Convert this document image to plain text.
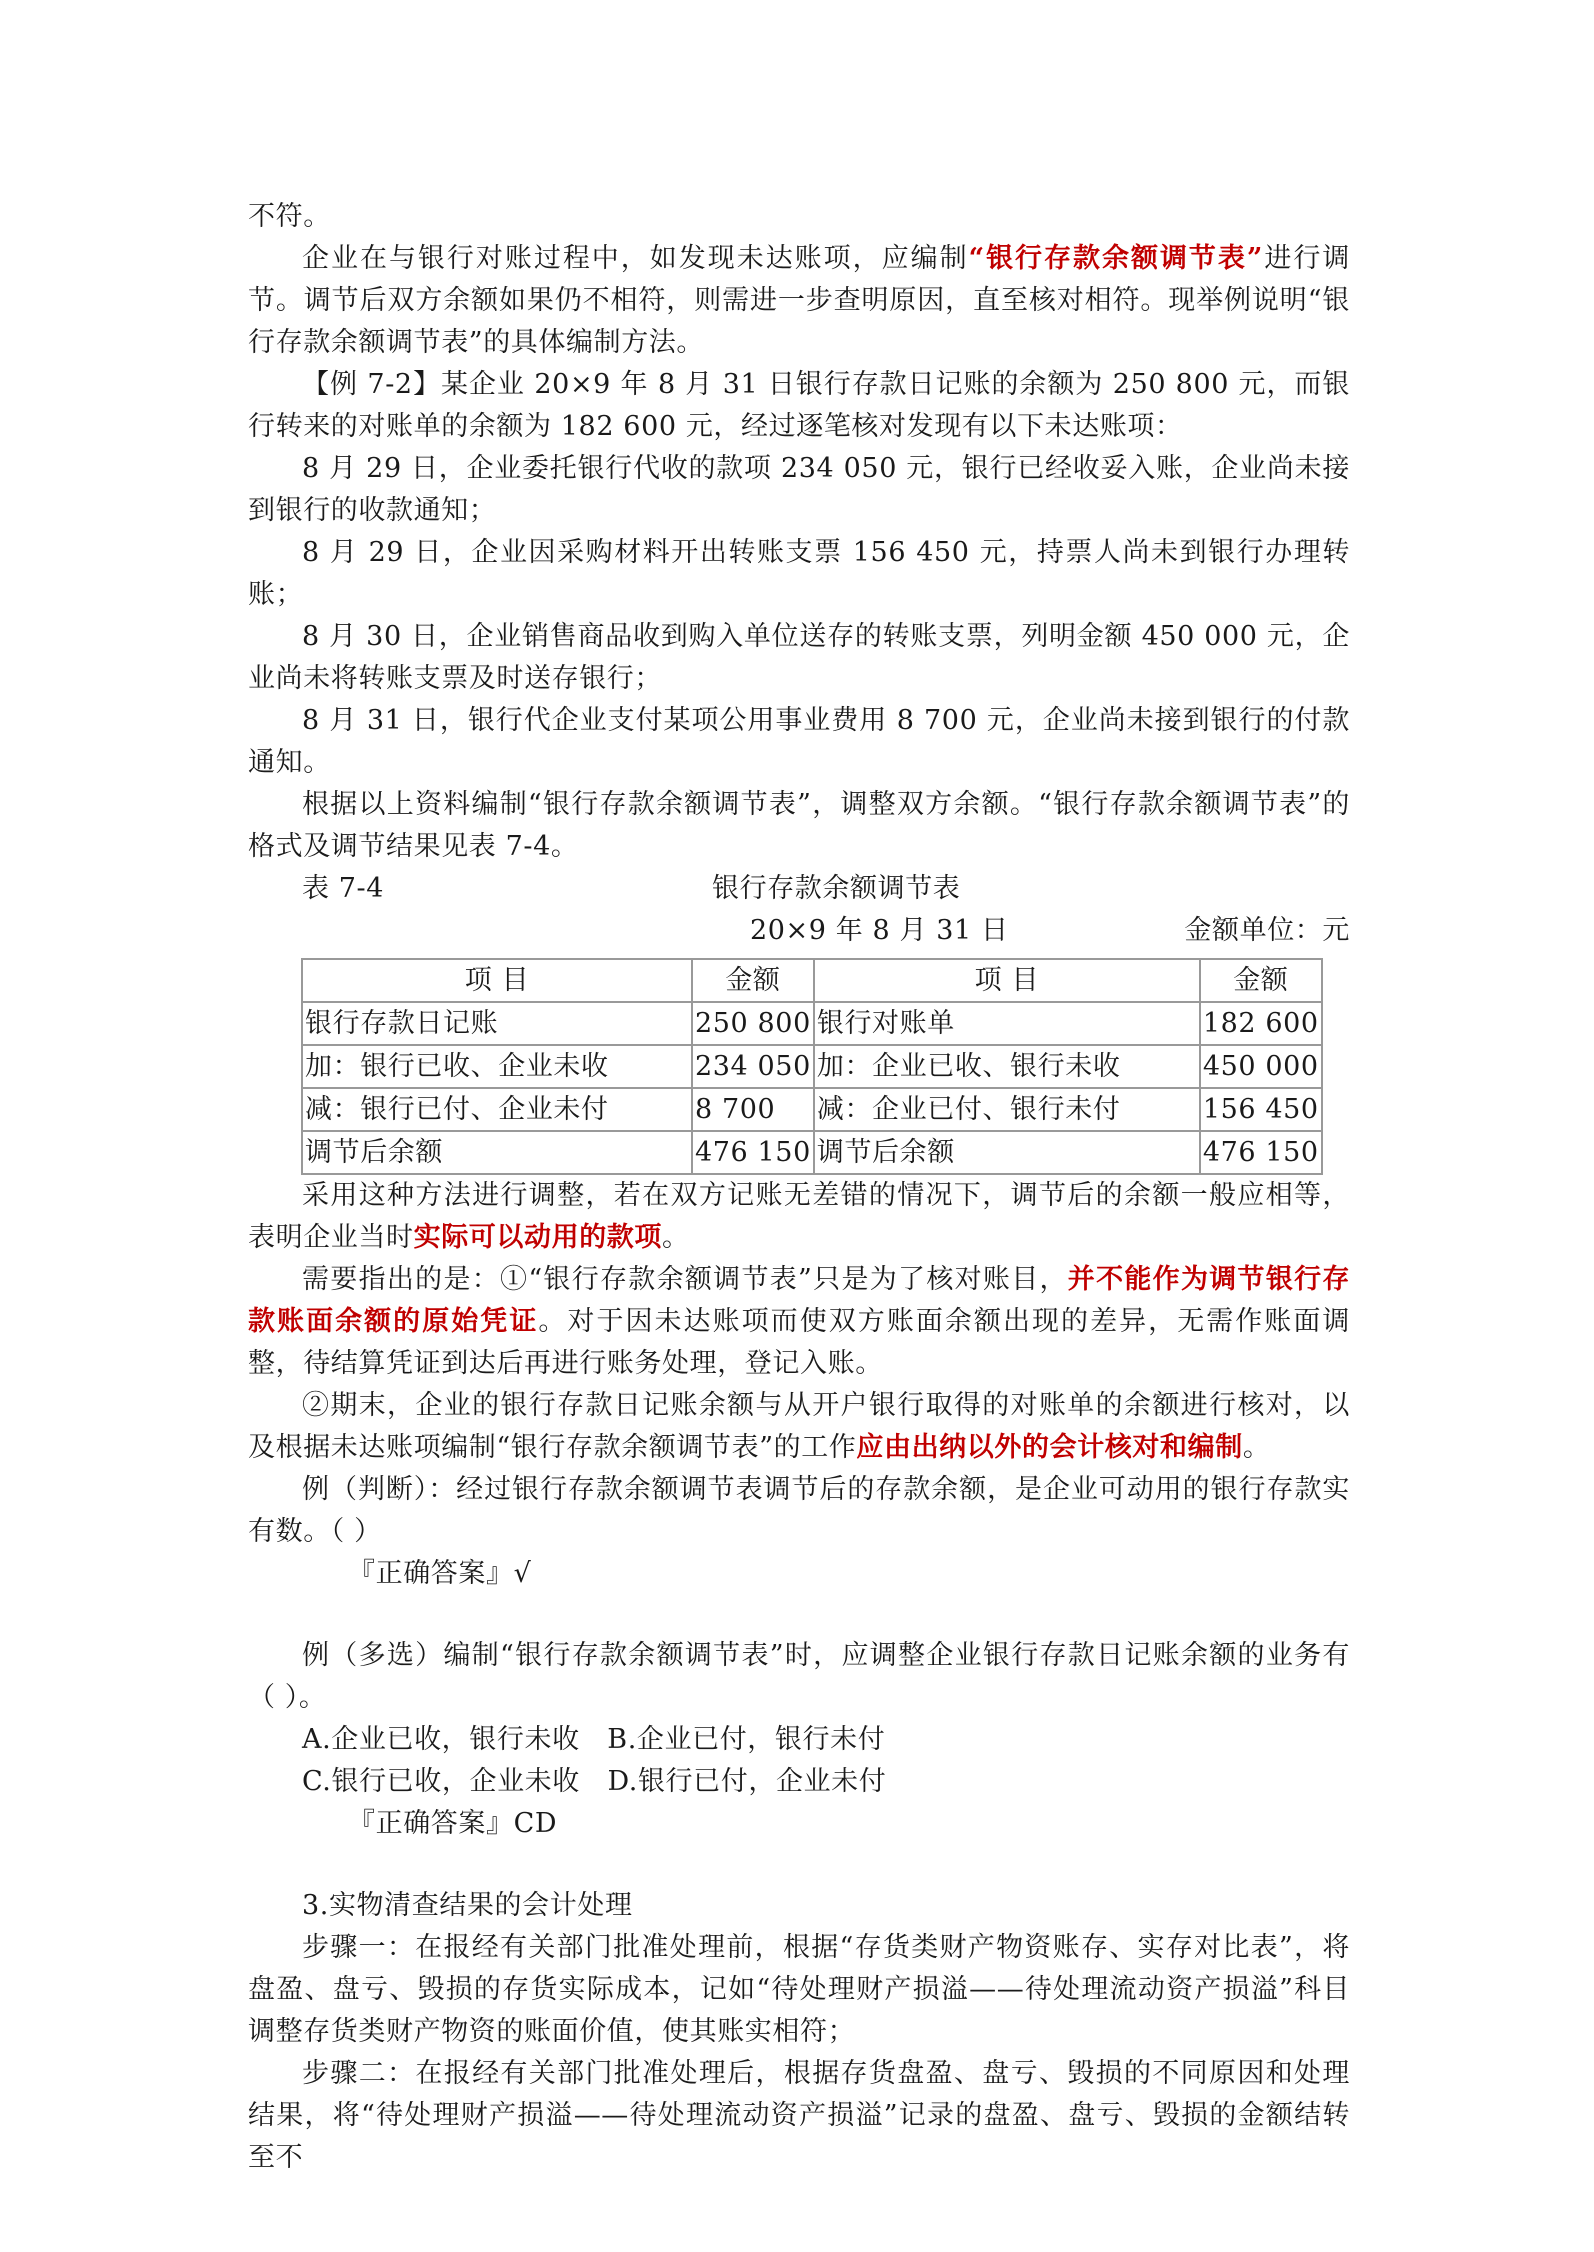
不符。

企业在与银行对账过程中，如发现未达账项，应编制“银行存款余额调节表”进行调节。调节后双方余额如果仍不相符，则需进一步查明原因，直至核对相符。现举例说明“银行存款余额调节表”的具体编制方法。

【例 7-2】某企业 20×9 年 8 月 31 日银行存款日记账的余额为 250 800 元，而银行转来的对账单的余额为 182 600 元，经过逐笔核对发现有以下未达账项：

8 月 29 日，企业委托银行代收的款项 234 050 元，银行已经收妥入账，企业尚未接到银行的收款通知；

8 月 29 日，企业因采购材料开出转账支票 156 450 元，持票人尚未到银行办理转账；

8 月 30 日，企业销售商品收到购入单位送存的转账支票，列明金额 450 000 元，企业尚未将转账支票及时送存银行；

8 月 31 日，银行代企业支付某项公用事业费用 8 700 元，企业尚未接到银行的付款通知。

根据以上资料编制“银行存款余额调节表”，调整双方余额。“银行存款余额调节表”的格式及调节结果见表 7-4。

表 7-4	银行存款余额调节表
20×9 年 8 月 31 日	金额单位：元
项 目	金额	项 目	金额
银行存款日记账	250 800	银行对账单	182 600
加：银行已收、企业未收	234 050	加：企业已收、银行未收	450 000
减：银行已付、企业未付	8 700	减：企业已付、银行未付	156 450
调节后余额	476 150	调节后余额	476 150

采用这种方法进行调整，若在双方记账无差错的情况下，调节后的余额一般应相等，表明企业当时实际可以动用的款项。

需要指出的是：①“银行存款余额调节表”只是为了核对账目，并不能作为调节银行存款账面余额的原始凭证。对于因未达账项而使双方账面余额出现的差异，无需作账面调整，待结算凭证到达后再进行账务处理，登记入账。

②期末，企业的银行存款日记账余额与从开户银行取得的对账单的余额进行核对，以及根据未达账项编制“银行存款余额调节表”的工作应由出纳以外的会计核对和编制。

例（判断）：经过银行存款余额调节表调节后的存款余额，是企业可动用的银行存款实有数。（ ）

『正确答案』√

例（多选）编制“银行存款余额调节表”时，应调整企业银行存款日记账余额的业务有（ ）。

A.企业已收，银行未收　B.企业已付，银行未付

C.银行已收，企业未收　D.银行已付，企业未付

『正确答案』CD

3.实物清查结果的会计处理

步骤一：在报经有关部门批准处理前，根据“存货类财产物资账存、实存对比表”，将盘盈、盘亏、毁损的存货实际成本，记如“待处理财产损溢——待处理流动资产损溢”科目调整存货类财产物资的账面价值，使其账实相符；

步骤二：在报经有关部门批准处理后，根据存货盘盈、盘亏、毁损的不同原因和处理结果，将“待处理财产损溢——待处理流动资产损溢”记录的盘盈、盘亏、毁损的金额结转至不
